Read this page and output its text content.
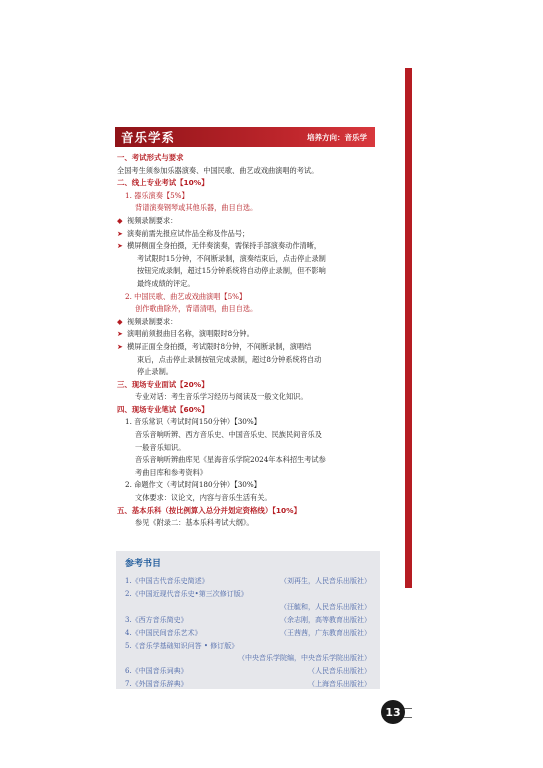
音乐学系	培养方向：音乐学
一、考试形式与要求
全国考生须参加乐器演奏、中国民歌、曲艺或戏曲演唱的考试。
二、线上专业考试【10%】
1. 器乐演奏【5%】
背谱演奏钢琴或其他乐器，曲目自选。
◆ 视频录制要求：
➤ 演奏前需先报应试作品全称及作品号；
➤ 横屏侧面全身拍摄，无伴奏演奏，需保持手部演奏动作清晰，
考试限时15分钟，不间断录制，演奏结束后，点击停止录制
按钮完成录制，超过15分钟系统将自动停止录制，但不影响
最终成绩的评定。
2. 中国民歌、曲艺或戏曲演唱【5%】
创作歌曲除外，背谱清唱，曲目自选。
◆ 视频录制要求：
➤ 演唱前须报曲目名称，演唱限时8分钟。
➤ 横屏正面全身拍摄，考试限时8分钟，不间断录制，演唱结
束后，点击停止录制按钮完成录制，超过8分钟系统将自动
停止录制。
三、现场专业面试【20%】
专业对话：考生音乐学习经历与阅读及一般文化知识。
四、现场专业笔试【60%】
1. 音乐常识（考试时间150分钟）【30%】
音乐音响听辨、西方音乐史、中国音乐史、民族民间音乐及
一般音乐知识。
音乐音响听辨曲库见《星海音乐学院2024年本科招生考试参
考曲目库和参考资料》
2. 命题作文（考试时间180分钟）【30%】
文体要求：议论文，内容与音乐生活有关。
五、基本乐科（按比例算入总分并划定资格线）【10%】
参见《附录二：基本乐科考试大纲》。
参考书目
1.《中国古代音乐史简述》	（刘再生，人民音乐出版社）
2.《中国近现代音乐史•第三次修订版》
（汪毓和，人民音乐出版社）
3.《西方音乐简史》	（余志刚，高等教育出版社）
4.《中国民间音乐艺术》	（王茜茜，广东教育出版社）
5.《音乐学基础知识问答 • 修订版》
（中央音乐学院编，中央音乐学院出版社）
6.《中国音乐词典》	（人民音乐出版社）
7.《外国音乐辞典》	（上海音乐出版社）
13
